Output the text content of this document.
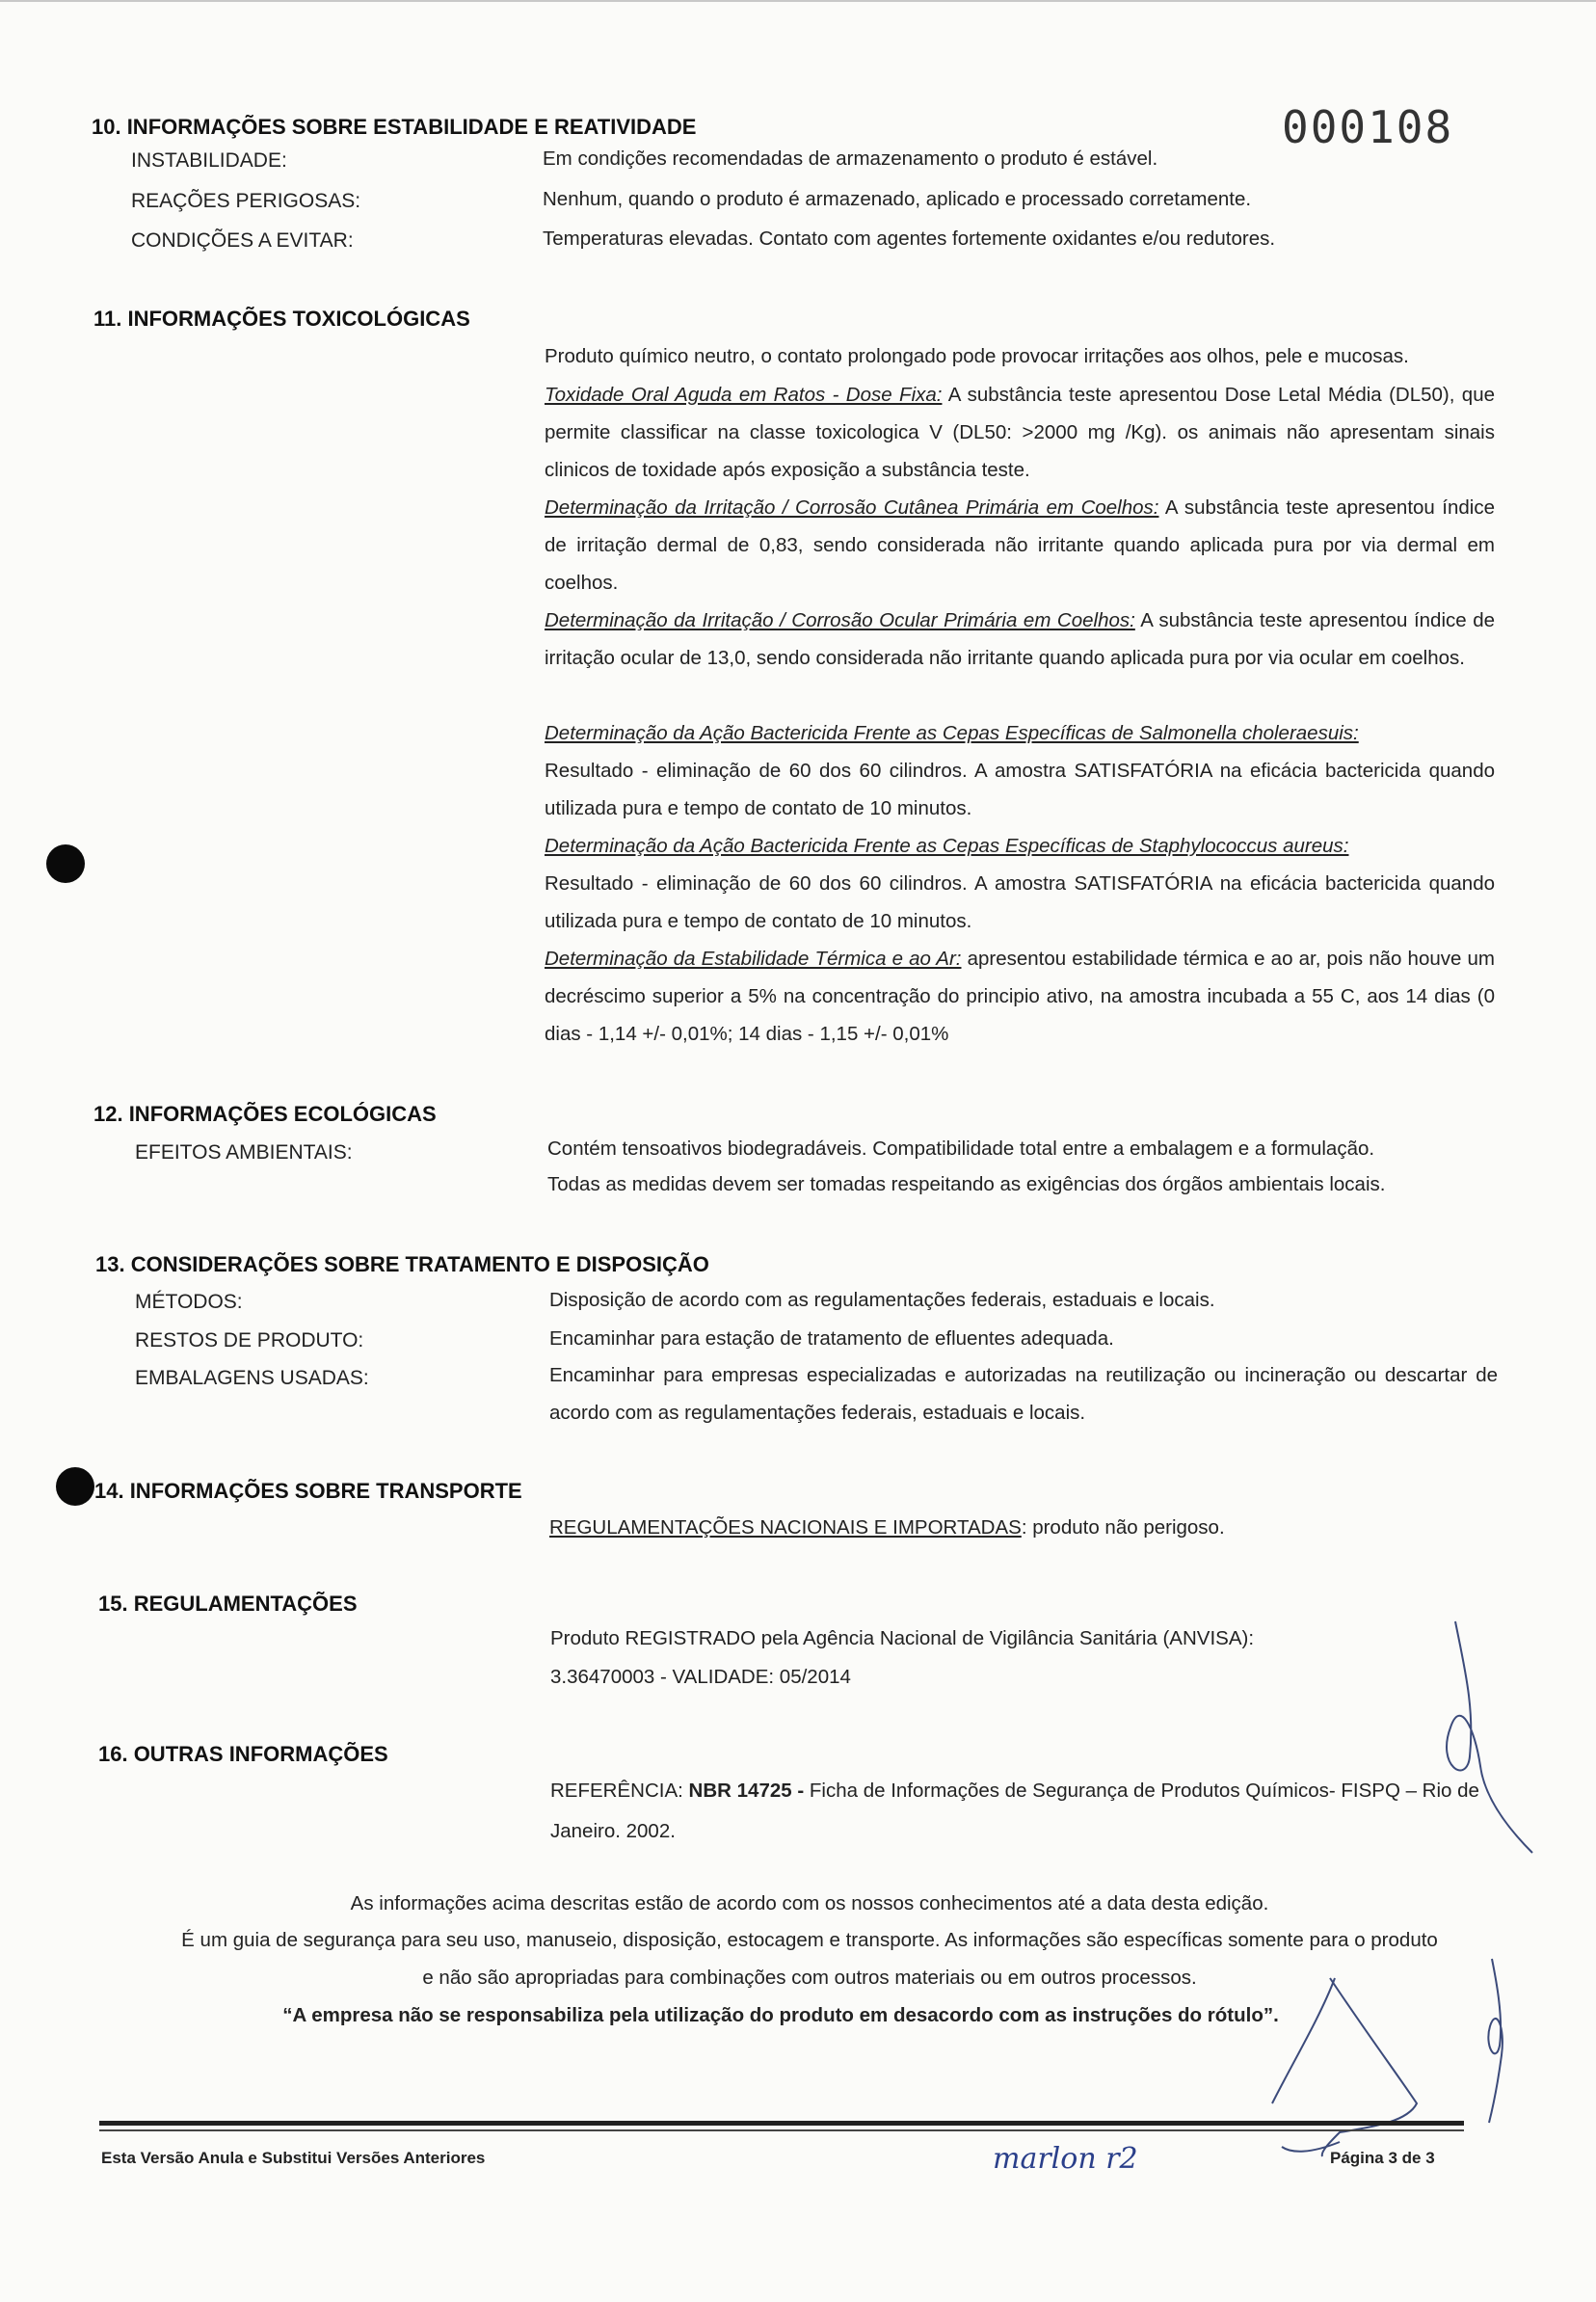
000108
10. INFORMAÇÕES SOBRE ESTABILIDADE E REATIVIDADE
INSTABILIDADE:	Em condições recomendadas de armazenamento o produto é estável.
REAÇÕES PERIGOSAS:	Nenhum, quando o produto é armazenado, aplicado e processado corretamente.
CONDIÇÕES A EVITAR:	Temperaturas elevadas. Contato com agentes fortemente oxidantes e/ou redutores.
11. INFORMAÇÕES TOXICOLÓGICAS
Produto químico neutro, o contato prolongado pode provocar irritações aos olhos, pele e mucosas.
Toxidade Oral Aguda em Ratos - Dose Fixa: A substância teste apresentou Dose Letal Média (DL50), que permite classificar na classe toxicologica V (DL50: >2000 mg /Kg). os animais não apresentam sinais clinicos de toxidade após exposição a substância teste.
Determinação da Irritação / Corrosão Cutânea Primária em Coelhos: A substância teste apresentou índice de irritação dermal de 0,83, sendo considerada não irritante quando aplicada pura por via dermal em coelhos.
Determinação da Irritação / Corrosão Ocular Primária em Coelhos: A substância teste apresentou índice de irritação ocular de 13,0, sendo considerada não irritante quando aplicada pura por via ocular em coelhos.
Determinação da Ação Bactericida Frente as Cepas Específicas de Salmonella choleraesuis:
Resultado - eliminação de 60 dos 60 cilindros. A amostra SATISFATÓRIA na eficácia bactericida quando utilizada pura e tempo de contato de 10 minutos.
Determinação da Ação Bactericida Frente as Cepas Específicas de Staphylococcus aureus:
Resultado - eliminação de 60 dos 60 cilindros. A amostra SATISFATÓRIA na eficácia bactericida quando utilizada pura e tempo de contato de 10 minutos.
Determinação da Estabilidade Térmica e ao Ar: apresentou estabilidade térmica e ao ar, pois não houve um decréscimo superior a 5% na concentração do principio ativo, na amostra incubada a 55 C, aos 14 dias (0 dias - 1,14 +/- 0,01%; 14 dias - 1,15 +/- 0,01%
12. INFORMAÇÕES ECOLÓGICAS
EFEITOS AMBIENTAIS:	Contém tensoativos biodegradáveis. Compatibilidade total entre a embalagem e a formulação.
Todas as medidas devem ser tomadas respeitando as exigências dos órgãos ambientais locais.
13. CONSIDERAÇÕES SOBRE TRATAMENTO E DISPOSIÇÃO
MÉTODOS:	Disposição de acordo com as regulamentações federais, estaduais e locais.
RESTOS DE PRODUTO:	Encaminhar para estação de tratamento de efluentes adequada.
EMBALAGENS USADAS:	Encaminhar para empresas especializadas e autorizadas na reutilização ou incineração ou descartar de acordo com as regulamentações federais, estaduais e locais.
14. INFORMAÇÕES SOBRE TRANSPORTE
REGULAMENTAÇÕES NACIONAIS E IMPORTADAS: produto não perigoso.
15. REGULAMENTAÇÕES
Produto REGISTRADO pela Agência Nacional de Vigilância Sanitária (ANVISA):
3.36470003 - VALIDADE: 05/2014
16. OUTRAS INFORMAÇÕES
REFERÊNCIA: NBR 14725 - Ficha de Informações de Segurança de Produtos Químicos- FISPQ – Rio de Janeiro. 2002.
As informações acima descritas estão de acordo com os nossos conhecimentos até a data desta edição.
É um guia de segurança para seu uso, manuseio, disposição, estocagem e transporte. As informações são específicas somente para o produto
e não são apropriadas para combinações com outros materiais ou em outros processos.
“A empresa não se responsabiliza pela utilização do produto em desacordo com as instruções do rótulo”.
Esta Versão Anula e Substitui Versões Anteriores	marlon r2	Página 3 de 3
